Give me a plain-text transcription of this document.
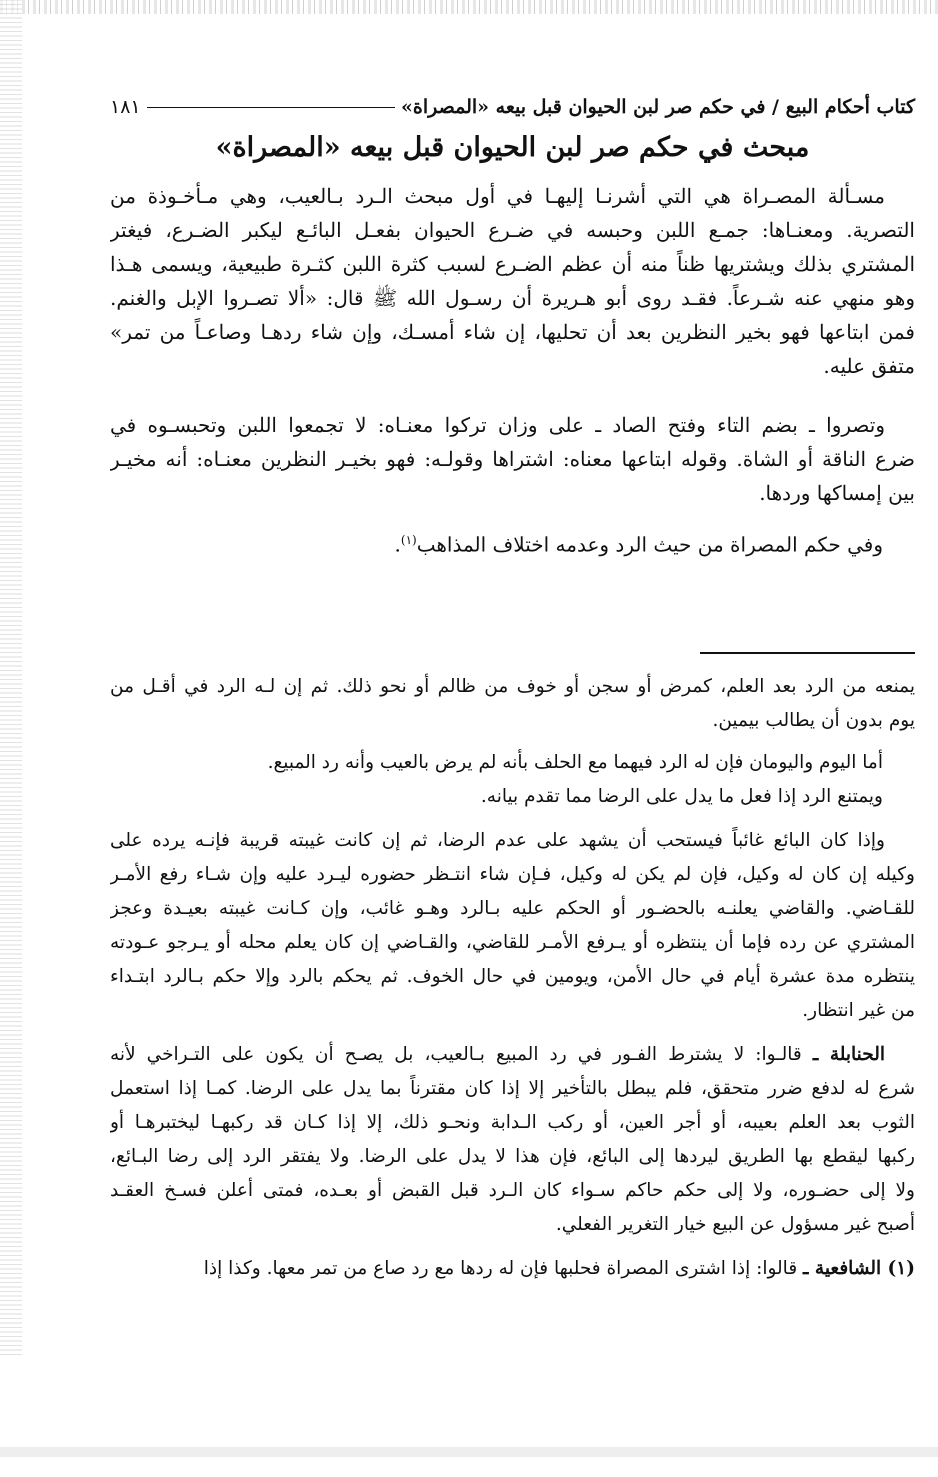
كتاب أحكام البيع / في حكم صر لبن الحيوان قبل بيعه «المصراة»
١٨١
مبحث في حكم صر لبن الحيوان قبل بيعه «المصراة»
مسـألة المصـراة هي التي أشرنـا إليهـا في أول مبحث الـرد بـالعيب، وهي مـأخـوذة من
التصرية. ومعنـاها: جمـع اللبن وحبسه في ضـرع الحيوان بفعـل البائـع ليكبر الضـرع، فيغتر
المشتري بذلك ويشتريها ظناً منه أن عظم الضـرع لسبب كثرة اللبن كثـرة طبيعية، ويسمى هـذا
وهو منهي عنه شـرعاً. فقـد روى أبو هـريرة أن رسـول الله ﷺ قال: «ألا تصـروا الإبل والغنم.
فمن ابتاعها فهو بخير النظرين بعد أن تحليها، إن شاء أمسـك، وإن شاء ردهـا وصاعـاً من تمر»
متفق عليه.
وتصروا ـ بضم التاء وفتح الصاد ـ على وزان تركوا معنـاه: لا تجمعوا اللبن وتحبسـوه في
ضرع الناقة أو الشاة. وقوله ابتاعها معناه: اشتراها وقولـه: فهو بخيـر النظرين معنـاه: أنه مخيـر
بين إمساكها وردها.
وفي حكم المصراة من حيث الرد وعدمه اختلاف المذاهب$^{(١)}$.
يمنعه من الرد بعد العلم، كمرض أو سجن أو خوف من ظالم أو نحو ذلك. ثم إن لـه الرد في أقـل من
يوم بدون أن يطالب بيمين.
أما اليوم واليومان فإن له الرد فيهما مع الحلف بأنه لم يرض بالعيب وأنه رد المبيع.
ويمتنع الرد إذا فعل ما يدل على الرضا مما تقدم بيانه.
وإذا كان البائع غائباً فيستحب أن يشهد على عدم الرضا، ثم إن كانت غيبته قريبة فإنـه يرده على
وكيله إن كان له وكيل، فإن لم يكن له وكيل، فـإن شاء انتـظر حضوره ليـرد عليه وإن شـاء رفع الأمـر
للقـاضي. والقاضي يعلنـه بالحضـور أو الحكم عليه بـالرد وهـو غائب، وإن كـانت غيبته بعيـدة وعجز
المشتري عن رده فإما أن ينتظره أو يـرفع الأمـر للقاضي، والقـاضي إن كان يعلم محله أو يـرجو عـودته
ينتظره مدة عشرة أيام في حال الأمن، ويومين في حال الخوف. ثم يحكم بالرد وإلا حكم بـالرد ابتـداء
من غير انتظار.
الحنابلة ـ قالـوا: لا يشترط الفـور في رد المبيع بـالعيب، بل يصـح أن يكون على التـراخي لأنه
شرع له لدفع ضرر متحقق، فلم يبطل بالتأخير إلا إذا كان مقترناً بما يدل على الرضا. كمـا إذا استعمل
الثوب بعد العلم بعيبه، أو أجر العين، أو ركب الـدابة ونحـو ذلك، إلا إذا كـان قد ركبهـا ليختبرهـا أو
ركبها ليقطع بها الطريق ليردها إلى البائع، فإن هذا لا يدل على الرضا. ولا يفتقر الرد إلى رضا البـائع،
ولا إلى حضـوره، ولا إلى حكم حاكم سـواء كان الـرد قبل القبض أو بعـده، فمتى أعلن فسـخ العقـد
أصبح غير مسؤول عن البيع خيار التغرير الفعلي.
(١) الشافعية ـ قالوا: إذا اشترى المصراة فحلبها فإن له ردها مع رد صاع من تمر معها. وكذا إذا
